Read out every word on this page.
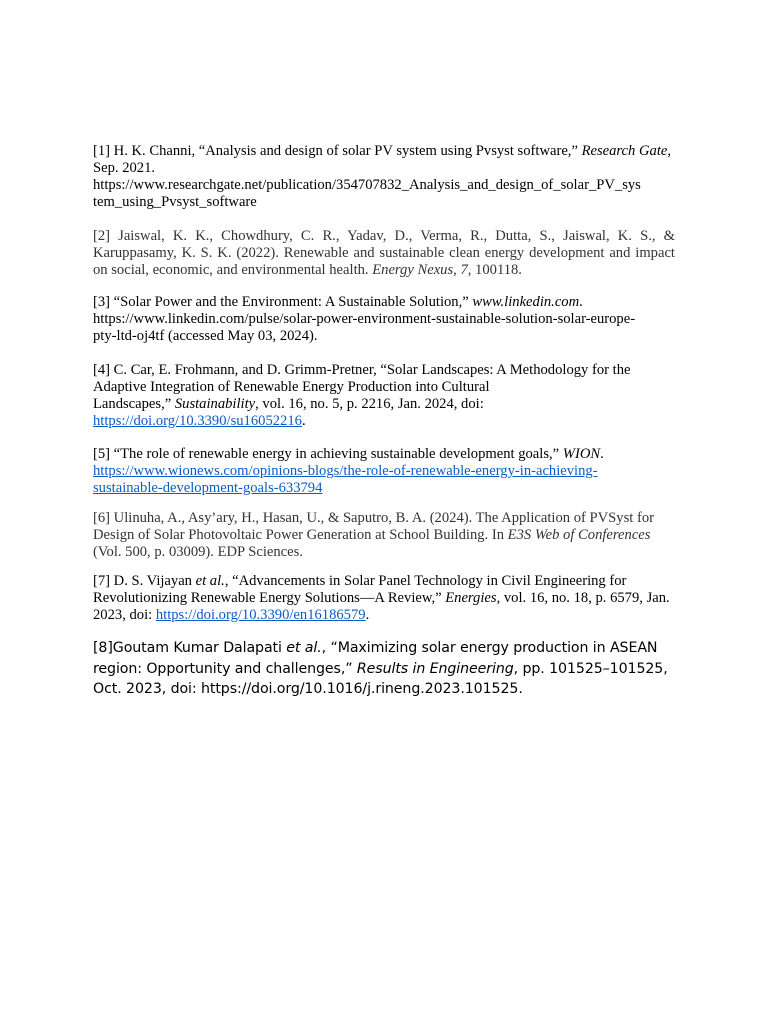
[1] H. K. Channi, “Analysis and design of solar PV system using Pvsyst software,” Research Gate, Sep. 2021.
https://www.researchgate.net/publication/354707832_Analysis_and_design_of_solar_PV_sys
tem_using_Pvsyst_software

[2] Jaiswal, K. K., Chowdhury, C. R., Yadav, D., Verma, R., Dutta, S., Jaiswal, K. S., & Karuppasamy, K. S. K. (2022). Renewable and sustainable clean energy development and impact on social, economic, and environmental health. Energy Nexus, 7, 100118.

[3] “Solar Power and the Environment: A Sustainable Solution,” www.linkedin.com.
https://www.linkedin.com/pulse/solar-power-environment-sustainable-solution-solar-europe-
pty-ltd-oj4tf (accessed May 03, 2024).

[4] C. Car, E. Frohmann, and D. Grimm-Pretner, “Solar Landscapes: A Methodology for the
Adaptive Integration of Renewable Energy Production into Cultural
Landscapes,” Sustainability, vol. 16, no. 5, p. 2216, Jan. 2024, doi:
https://doi.org/10.3390/su16052216.

[5] “The role of renewable energy in achieving sustainable development goals,” WION.
https://www.wionews.com/opinions-blogs/the-role-of-renewable-energy-in-achieving-
sustainable-development-goals-633794

[6] Ulinuha, A., Asy’ary, H., Hasan, U., & Saputro, B. A. (2024). The Application of PVSyst for Design of Solar Photovoltaic Power Generation at School Building. In E3S Web of Conferences (Vol. 500, p. 03009). EDP Sciences.

[7] D. S. Vijayan et al., “Advancements in Solar Panel Technology in Civil Engineering for Revolutionizing Renewable Energy Solutions—A Review,” Energies, vol. 16, no. 18, p. 6579, Jan. 2023, doi: https://doi.org/10.3390/en16186579.

[8]Goutam Kumar Dalapati et al., “Maximizing solar energy production in ASEAN region: Opportunity and challenges,” Results in Engineering, pp. 101525–101525, Oct. 2023, doi: https://doi.org/10.1016/j.rineng.2023.101525.
